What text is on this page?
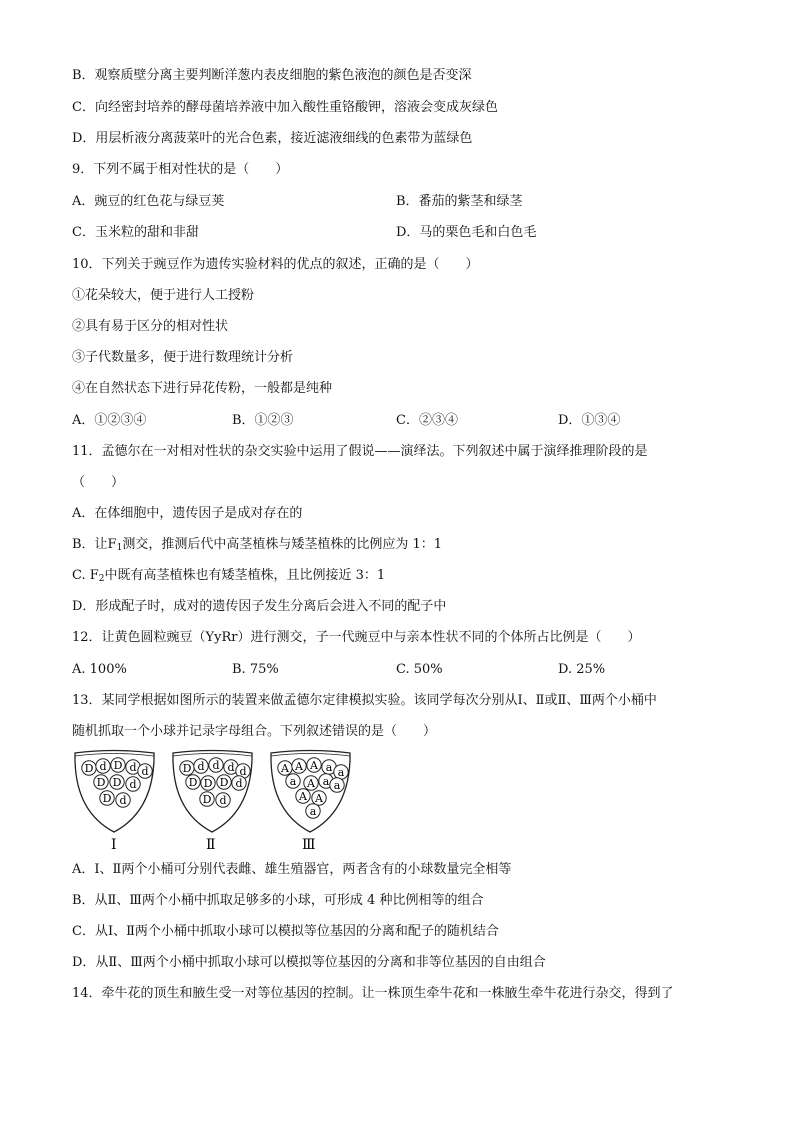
B．观察质壁分离主要判断洋葱内表皮细胞的紫色液泡的颜色是否变深
C．向经密封培养的酵母菌培养液中加入酸性重铬酸钾，溶液会变成灰绿色
D．用层析液分离菠菜叶的光合色素，接近滤液细线的色素带为蓝绿色
9．下列不属于相对性状的是（　　）
A．豌豆的红色花与绿豆荚	B．番茄的紫茎和绿茎
C．玉米粒的甜和非甜	D．马的栗色毛和白色毛
10．下列关于豌豆作为遗传实验材料的优点的叙述，正确的是（　　）
①花朵较大，便于进行人工授粉
②具有易于区分的相对性状
③子代数量多，便于进行数理统计分析
④在自然状态下进行异花传粉，一般都是纯种
A．①②③④	B．①②③	C．②③④	D．①③④
11．孟德尔在一对相对性状的杂交实验中运用了假说——演绎法。下列叙述中属于演绎推理阶段的是
（　　）
A．在体细胞中，遗传因子是成对存在的
B．让$F_1$测交，推测后代中高茎植株与矮茎植株的比例应为 1：1
C. $F_2$中既有高茎植株也有矮茎植株，且比例接近 3：1
D．形成配子时，成对的遗传因子发生分离后会进入不同的配子中
12．让黄色圆粒豌豆（YyRr）进行测交，子一代豌豆中与亲本性状不同的个体所占比例是（　　）
A. 100%	B. 75%	C. 50%	D. 25%
13．某同学根据如图所示的装置来做孟德尔定律模拟实验。该同学每次分别从Ⅰ、Ⅱ或Ⅱ、Ⅲ两个小桶中
随机抓取一个小球并记录字母组合。下列叙述错误的是（　　）
D d D d d
D D d
D d
Ⅰ
D d d d d
D D D d
D d
Ⅱ
A A A a a
a A a a
A A
a
Ⅲ
A．Ⅰ、Ⅱ两个小桶可分别代表雌、雄生殖器官，两者含有的小球数量完全相等
B．从Ⅱ、Ⅲ两个小桶中抓取足够多的小球，可形成 4 种比例相等的组合
C．从Ⅰ、Ⅱ两个小桶中抓取小球可以模拟等位基因的分离和配子的随机结合
D．从Ⅱ、Ⅲ两个小桶中抓取小球可以模拟等位基因的分离和非等位基因的自由组合
14．牵牛花的顶生和腋生受一对等位基因的控制。让一株顶生牵牛花和一株腋生牵牛花进行杂交，得到了
